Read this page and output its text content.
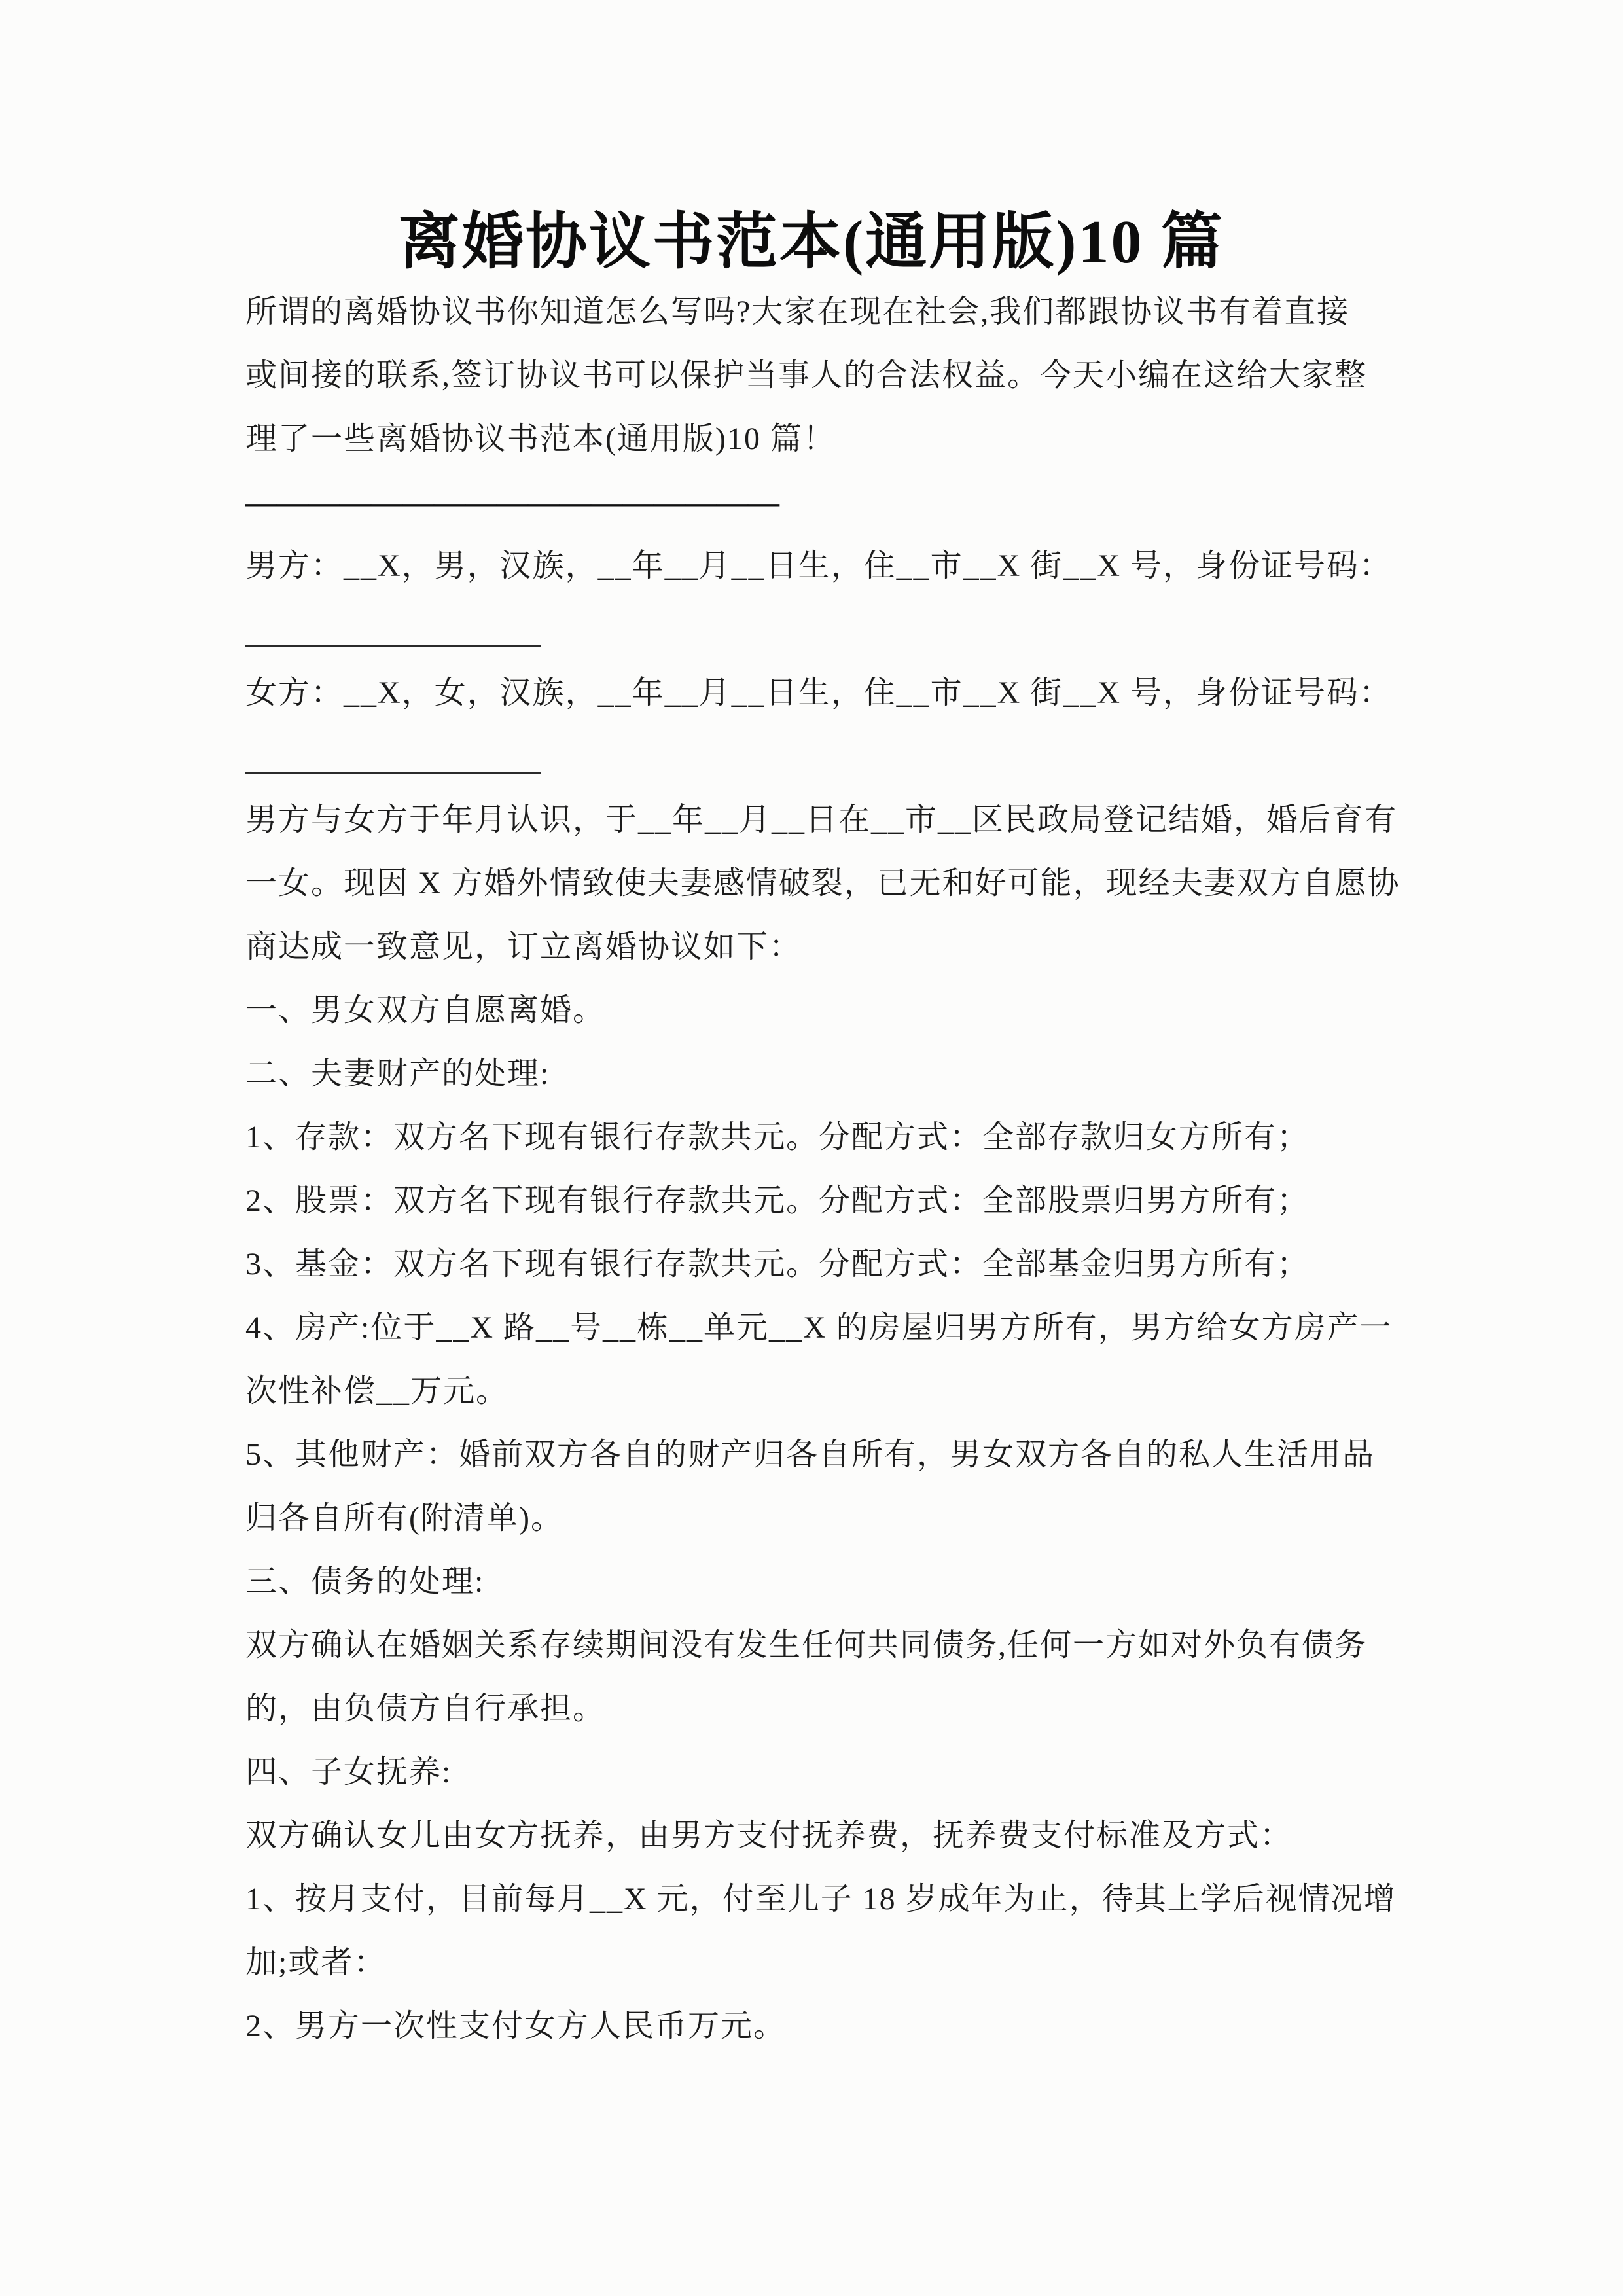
离婚协议书范本(通用版)10 篇
所谓的离婚协议书你知道怎么写吗?大家在现在社会,我们都跟协议书有着直接
或间接的联系,签订协议书可以保护当事人的合法权益。今天小编在这给大家整
理了一些离婚协议书范本(通用版)10 篇！
—————————————————
男方：__X，男，汉族，__年__月__日生，住__市__X 街__X 号，身份证号码：
女方：__X，女，汉族，__年__月__日生，住__市__X 街__X 号，身份证号码：
男方与女方于年月认识，于__年__月__日在__市__区民政局登记结婚，婚后育有
一女。现因 X 方婚外情致使夫妻感情破裂，已无和好可能，现经夫妻双方自愿协
商达成一致意见，订立离婚协议如下：
一、男女双方自愿离婚。
二、夫妻财产的处理:
1、存款：双方名下现有银行存款共元。分配方式：全部存款归女方所有；
2、股票：双方名下现有银行存款共元。分配方式：全部股票归男方所有；
3、基金：双方名下现有银行存款共元。分配方式：全部基金归男方所有；
4、房产:位于__X 路__号__栋__单元__X 的房屋归男方所有，男方给女方房产一
次性补偿__万元。
5、其他财产：婚前双方各自的财产归各自所有，男女双方各自的私人生活用品
归各自所有(附清单)。
三、债务的处理:
双方确认在婚姻关系存续期间没有发生任何共同债务,任何一方如对外负有债务
的，由负债方自行承担。
四、子女抚养:
双方确认女儿由女方抚养，由男方支付抚养费，抚养费支付标准及方式：
1、按月支付，目前每月__X 元，付至儿子 18 岁成年为止，待其上学后视情况增
加;或者：
2、男方一次性支付女方人民币万元。
